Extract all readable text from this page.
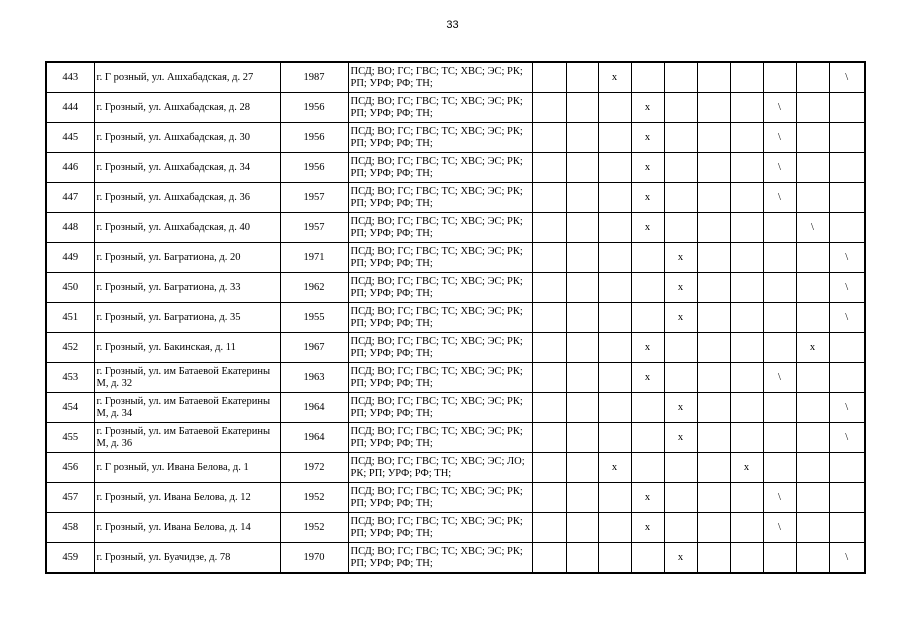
33
443	г. Г розный, ул. Ашхабадская, д. 27	1987	ПСД; ВО; ГС; ГВС; ТС; ХВС; ЭС; РК; РП; УРФ; РФ; ТН;			x							\
444	г. Грозный, ул. Ашхабадская, д. 28	1956	ПСД; ВО; ГС; ГВС; ТС; ХВС; ЭС; РК; РП; УРФ; РФ; ТН;				x				\		
445	г. Грозный, ул. Ашхабадская, д. 30	1956	ПСД; ВО; ГС; ГВС; ТС; ХВС; ЭС; РК; РП; УРФ; РФ; ТН;				x				\		
446	г. Грозный, ул. Ашхабадская, д. 34	1956	ПСД; ВО; ГС; ГВС; ТС; ХВС; ЭС; РК; РП; УРФ; РФ; ТН;				x				\		
447	г. Грозный, ул. Ашхабадская, д. 36	1957	ПСД; ВО; ГС; ГВС; ТС; ХВС; ЭС; РК; РП; УРФ; РФ; ТН;				x				\		
448	г. Грозный, ул. Ашхабадская, д. 40	1957	ПСД; ВО; ГС; ГВС; ТС; ХВС; ЭС; РК; РП; УРФ; РФ; ТН;				x					\	
449	г. Грозный, ул. Багратиона, д. 20	1971	ПСД; ВО; ГС; ГВС; ТС; ХВС; ЭС; РК; РП; УРФ; РФ; ТН;					x					\
450	г. Грозный, ул. Багратиона, д. 33	1962	ПСД; ВО; ГС; ГВС; ТС; ХВС; ЭС; РК; РП; УРФ; РФ; ТН;					x					\
451	г. Грозный, ул. Багратиона, д. 35	1955	ПСД; ВО; ГС; ГВС; ТС; ХВС; ЭС; РК; РП; УРФ; РФ; ТН;					x					\
452	г. Грозный, ул. Бакинская, д. 11	1967	ПСД; ВО; ГС; ГВС; ТС; ХВС; ЭС; РК; РП; УРФ; РФ; ТН;				x					x	
453	г. Грозный, ул. им Батаевой Екатерины М, д. 32	1963	ПСД; ВО; ГС; ГВС; ТС; ХВС; ЭС; РК; РП; УРФ; РФ; ТН;				x				\		
454	г. Грозный, ул. им Батаевой Екатерины М, д. 34	1964	ПСД; ВО; ГС; ГВС; ТС; ХВС; ЭС; РК; РП; УРФ; РФ; ТН;					x					\
455	г. Грозный, ул. им Батаевой Екатерины М, д. 36	1964	ПСД; ВО; ГС; ГВС; ТС; ХВС; ЭС; РК; РП; УРФ; РФ; ТН;					x					\
456	г. Г розный, ул. Ивана Белова, д. 1	1972	ПСД; ВО; ГС; ГВС; ТС; ХВС; ЭС; ЛО; РК; РП; УРФ; РФ; ТН;			x				x			
457	г. Грозный, ул. Ивана Белова, д. 12	1952	ПСД; ВО; ГС; ГВС; ТС; ХВС; ЭС; РК; РП; УРФ; РФ; ТН;				x				\		
458	г. Грозный, ул. Ивана Белова, д. 14	1952	ПСД; ВО; ГС; ГВС; ТС; ХВС; ЭС; РК; РП; УРФ; РФ; ТН;				x				\		
459	г. Грозный, ул. Буачидзе, д. 78	1970	ПСД; ВО; ГС; ГВС; ТС; ХВС; ЭС; РК; РП; УРФ; РФ; ТН;					x					\
